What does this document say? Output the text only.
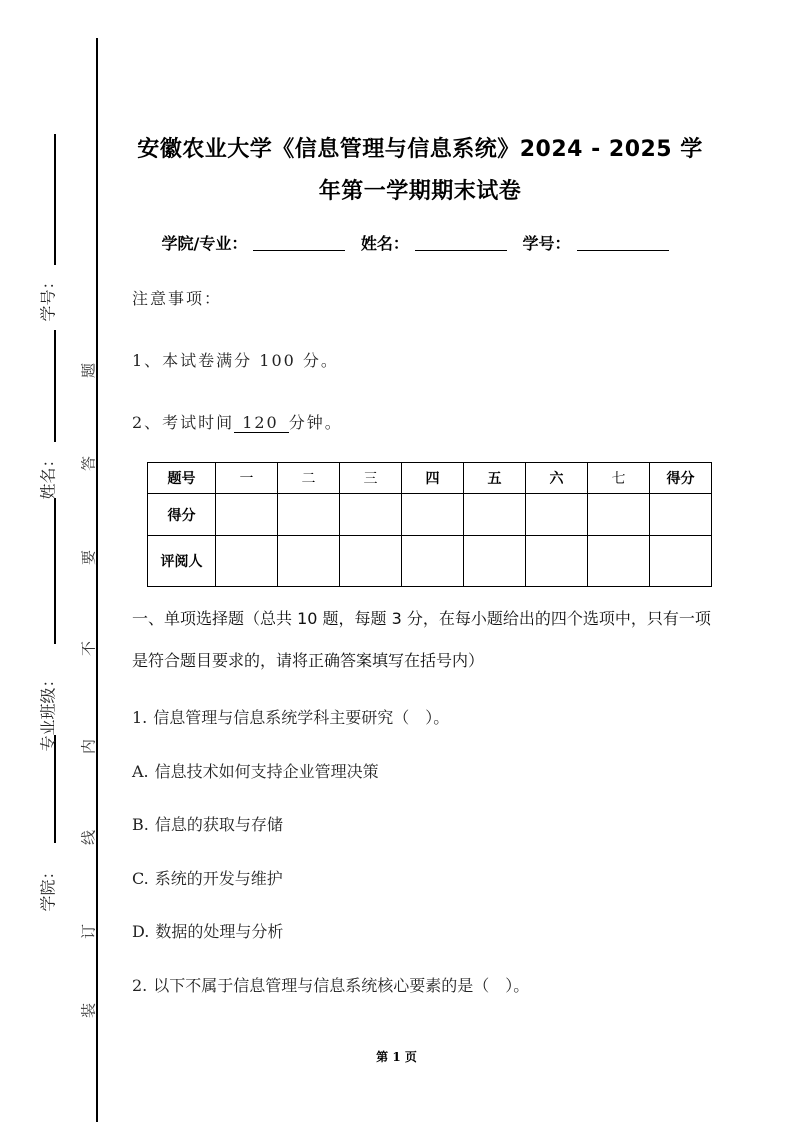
学号：
姓名：
专业班级：
学院：
题
答
要
不
内
线
订
装
安徽农业大学《信息管理与信息系统》2024 - 2025 学
年第一学期期末试卷
学院/专业：	姓名：	学号：
注意事项：
1、本试卷满分 100 分。
2、考试时间 120 分钟。
题号	一	二	三	四	五	六	七	得分
得分								
评阅人								
一、单项选择题（总共 10 题，每题 3 分，在每小题给出的四个选项中，只有一项是符合题目要求的，请将正确答案填写在括号内）
1. 信息管理与信息系统学科主要研究（　）。
A. 信息技术如何支持企业管理决策
B. 信息的获取与存储
C. 系统的开发与维护
D. 数据的处理与分析
2. 以下不属于信息管理与信息系统核心要素的是（　）。
第 1 页
